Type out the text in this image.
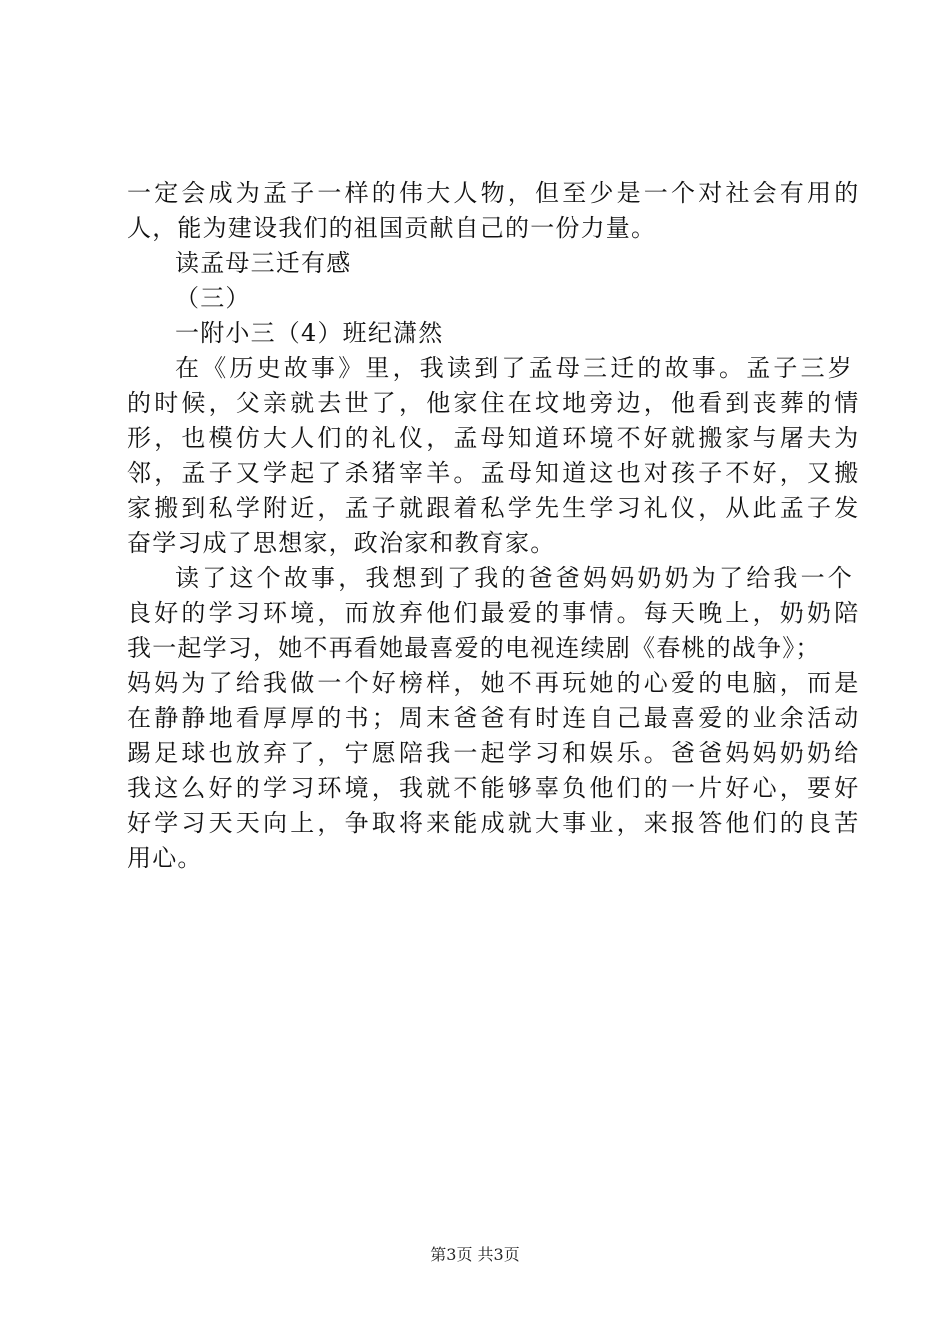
一定会成为孟子一样的伟大人物，但至少是一个对社会有用的
人，能为建设我们的祖国贡献自己的一份力量。
读孟母三迁有感
（三）
一附小三（4）班纪潇然
在《历史故事》里，我读到了孟母三迁的故事。孟子三岁
的时候，父亲就去世了，他家住在坟地旁边，他看到丧葬的情
形，也模仿大人们的礼仪，孟母知道环境不好就搬家与屠夫为
邻，孟子又学起了杀猪宰羊。孟母知道这也对孩子不好，又搬
家搬到私学附近，孟子就跟着私学先生学习礼仪，从此孟子发
奋学习成了思想家，政治家和教育家。
读了这个故事，我想到了我的爸爸妈妈奶奶为了给我一个
良好的学习环境，而放弃他们最爱的事情。每天晚上，奶奶陪
我一起学习，她不再看她最喜爱的电视连续剧《春桃的战争》；
妈妈为了给我做一个好榜样，她不再玩她的心爱的电脑，而是
在静静地看厚厚的书；周末爸爸有时连自己最喜爱的业余活动
踢足球也放弃了，宁愿陪我一起学习和娱乐。爸爸妈妈奶奶给
我这么好的学习环境，我就不能够辜负他们的一片好心，要好
好学习天天向上，争取将来能成就大事业，来报答他们的良苦
用心。
第3页 共3页
